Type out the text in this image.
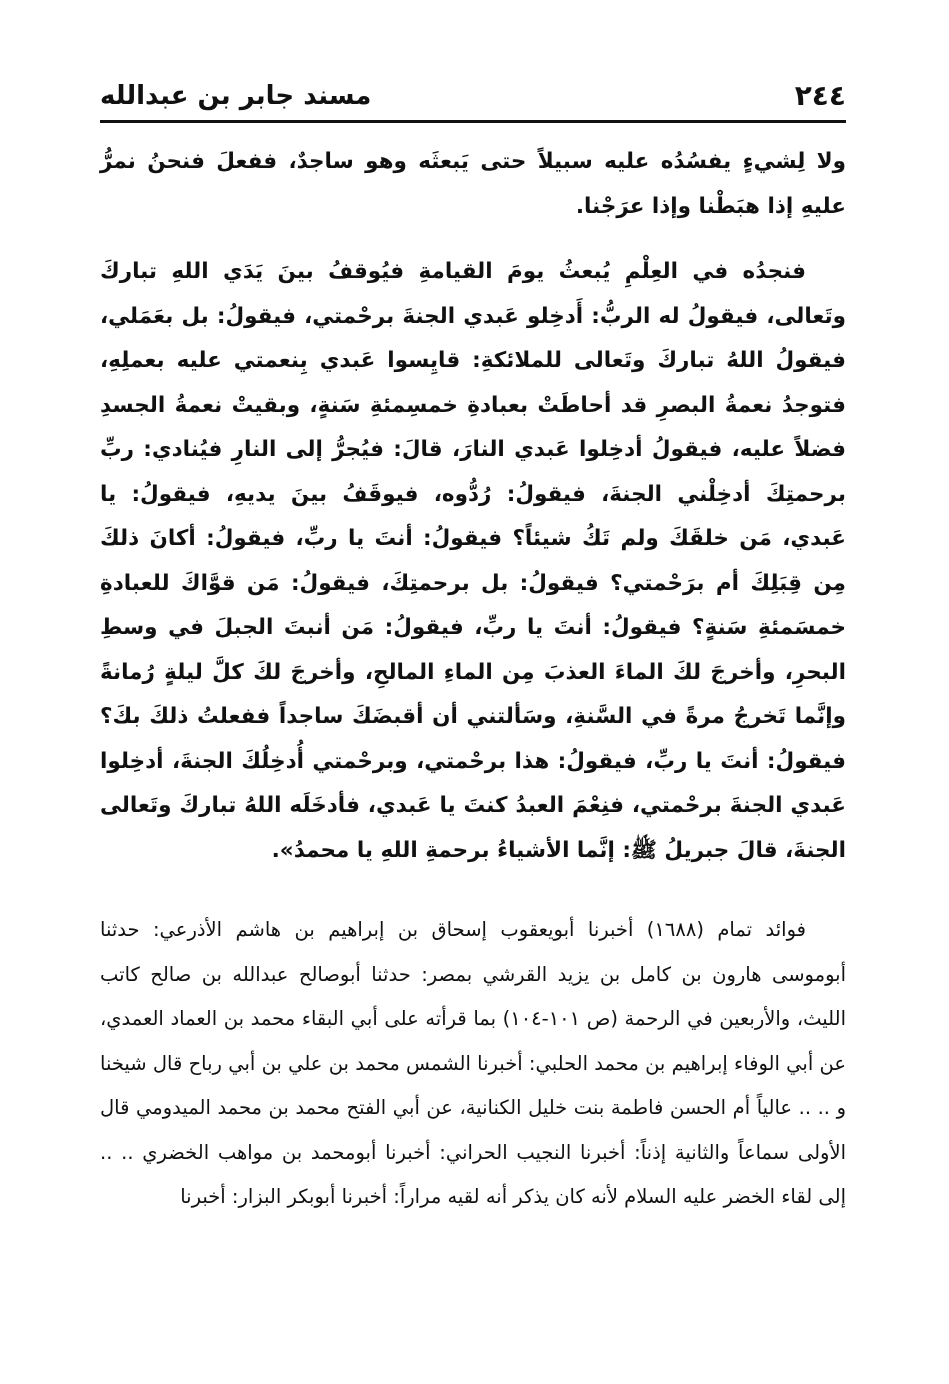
٢٤٤
مسند جابر بن عبدالله

ولا لِشيءٍ يفسُدُه عليه سبيلاً حتى يَبعثَه وهو ساجدٌ، ففعلَ فنحنُ نمرُّ عليهِ إذا هبَطْنا وإذا عرَجْنا.

فنجدُه في العِلْمِ يُبعثُ يومَ القيامةِ فيُوقفُ بينَ يَدَي اللهِ تباركَ وتَعالى، فيقولُ له الربُّ: أَدخِلو عَبدي الجنةَ برحْمتي، فيقولُ: بل بعَمَلي، فيقولُ اللهُ تباركَ وتَعالى للملائكةِ: قايِسوا عَبدي بِنعمتي عليه بعملِهِ، فتوجدُ نعمةُ البصرِ قد أحاطَتْ بعبادةِ خمسِمئةِ سَنةٍ، وبقيتْ نعمةُ الجسدِ فضلاً عليه، فيقولُ أدخِلوا عَبدي النارَ، قالَ: فيُجرُّ إلى النارِ فيُنادي: ربِّ برحمتِكَ أدخِلْني الجنةَ، فيقولُ: رُدُّوه، فيوقَفُ بينَ يديهِ، فيقولُ: يا عَبدي، مَن خلقَكَ ولم تَكُ شيئاً؟ فيقولُ: أنتَ يا ربِّ، فيقولُ: أكانَ ذلكَ مِن قِبَلِكَ أم برَحْمتي؟ فيقولُ: بل برحمتِكَ، فيقولُ: مَن قوَّاكَ للعبادةِ خمسَمئةِ سَنةٍ؟ فيقولُ: أنتَ يا ربِّ، فيقولُ: مَن أنبتَ الجبلَ في وسطِ البحرِ، وأخرجَ لكَ الماءَ العذبَ مِن الماءِ المالحِ، وأخرجَ لكَ كلَّ ليلةٍ رُمانةً وإنَّما تَخرجُ مرةً في السَّنةِ، وسَألتني أن أقبضَكَ ساجداً ففعلتُ ذلكَ بكَ؟ فيقولُ: أنتَ يا ربِّ، فيقولُ: هذا برحْمتي، وبرحْمتي أُدخِلُكَ الجنةَ، أدخِلوا عَبدي الجنةَ برحْمتي، فنِعْمَ العبدُ كنتَ يا عَبدي، فأدخَلَه اللهُ تباركَ وتَعالى الجنةَ، قالَ جبريلُ ﷺ: إنَّما الأشياءُ برحمةِ اللهِ يا محمدُ».

فوائد تمام (١٦٨٨) أخبرنا أبويعقوب إسحاق بن إبراهيم بن هاشم الأذرعي: حدثنا أبوموسى هارون بن كامل بن يزيد القرشي بمصر: حدثنا أبوصالح عبدالله بن صالح كاتب الليث، والأربعين في الرحمة (ص ١٠١-١٠٤) بما قرأته على أبي البقاء محمد بن العماد العمدي، عن أبي الوفاء إبراهيم بن محمد الحلبي: أخبرنا الشمس محمد بن علي بن أبي رباح قال شيخنا و .. .. عالياً أم الحسن فاطمة بنت خليل الكنانية، عن أبي الفتح محمد بن محمد الميدومي قال الأولى سماعاً والثانية إذناً: أخبرنا النجيب الحراني: أخبرنا أبومحمد بن مواهب الخضري .. .. إلى لقاء الخضر عليه السلام لأنه كان يذكر أنه لقيه مراراً: أخبرنا أبوبكر البزار: أخبرنا
